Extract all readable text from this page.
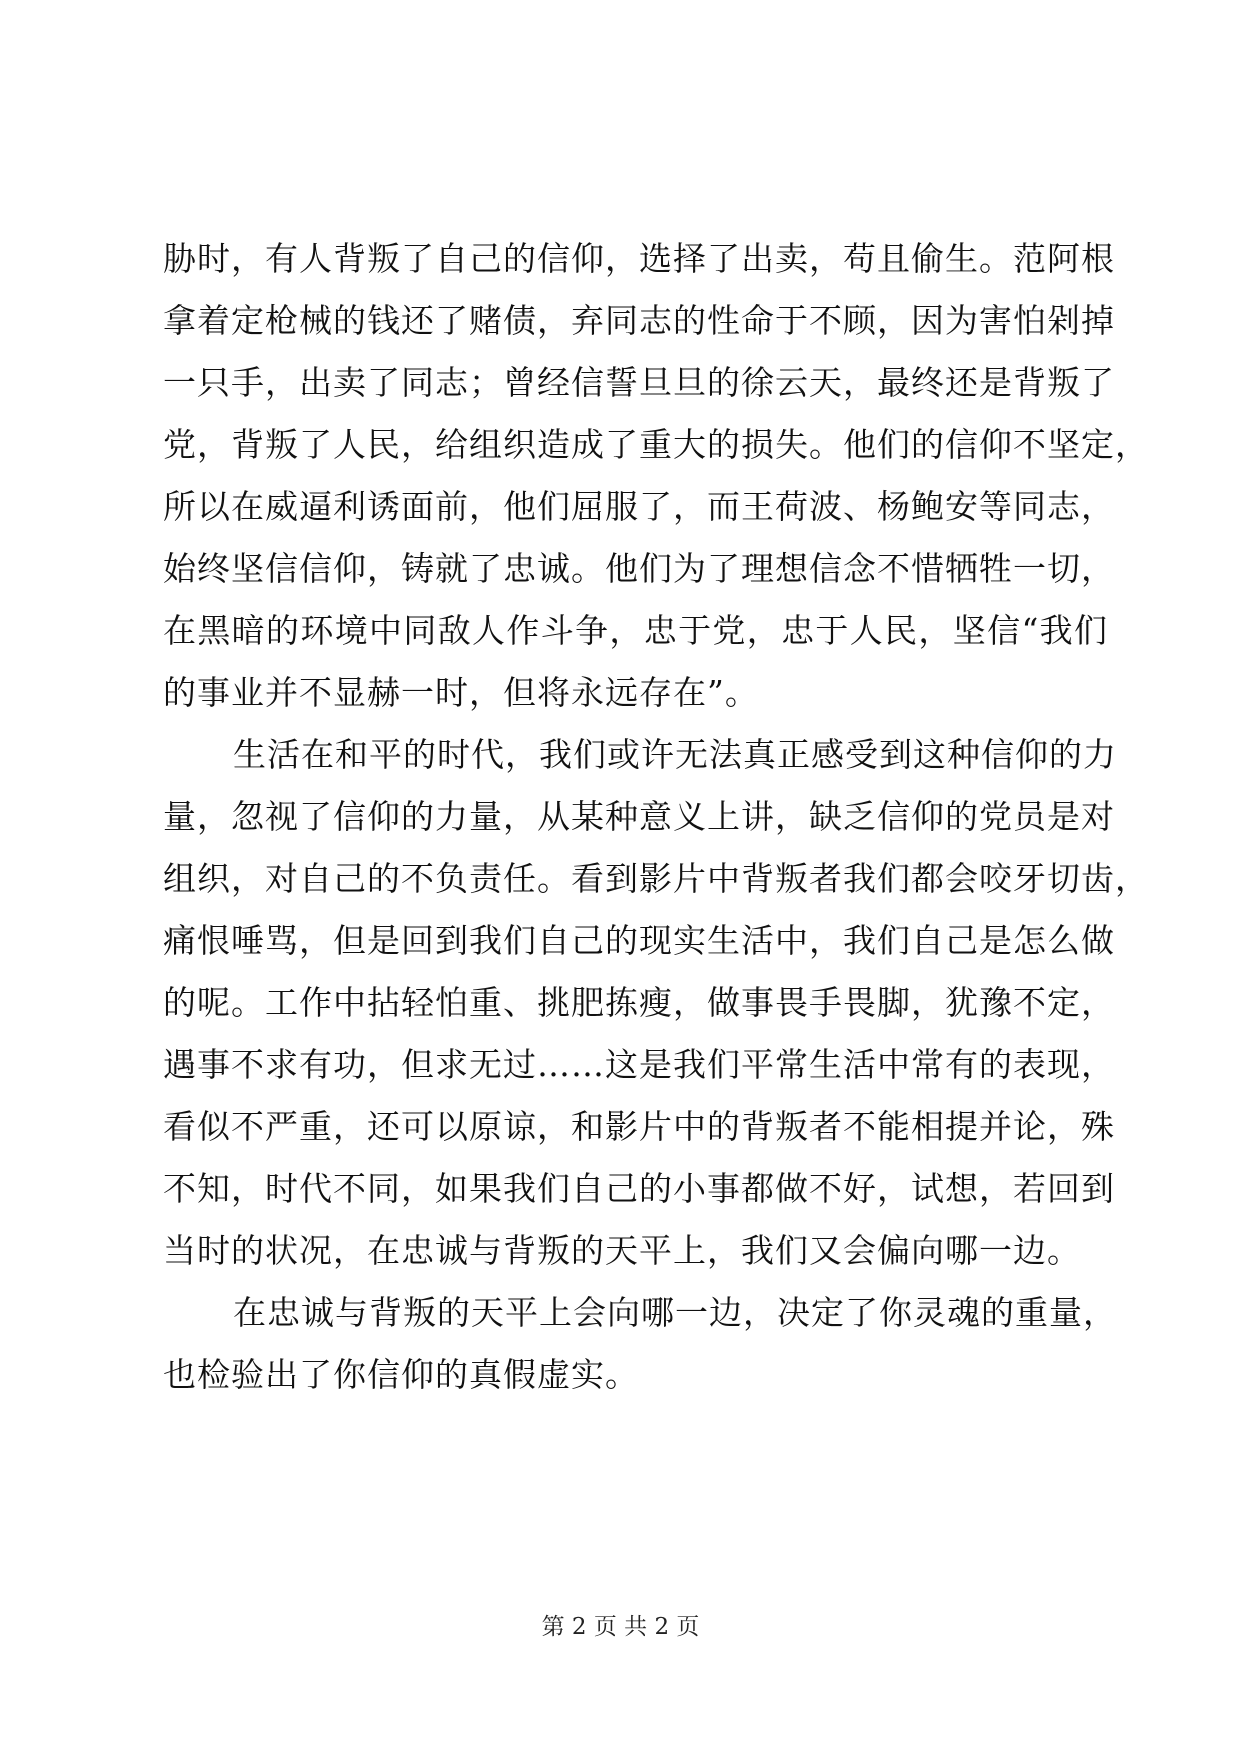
胁时，有人背叛了自己的信仰，选择了出卖，苟且偷生。范阿根
拿着定枪械的钱还了赌债，弃同志的性命于不顾，因为害怕剁掉
一只手，出卖了同志；曾经信誓旦旦的徐云天，最终还是背叛了
党，背叛了人民，给组织造成了重大的损失。他们的信仰不坚定，
所以在威逼利诱面前，他们屈服了，而王荷波、杨鲍安等同志，
始终坚信信仰，铸就了忠诚。他们为了理想信念不惜牺牲一切，
在黑暗的环境中同敌人作斗争，忠于党，忠于人民，坚信“我们
的事业并不显赫一时，但将永远存在”。
生活在和平的时代，我们或许无法真正感受到这种信仰的力
量，忽视了信仰的力量，从某种意义上讲，缺乏信仰的党员是对
组织，对自己的不负责任。看到影片中背叛者我们都会咬牙切齿，
痛恨唾骂，但是回到我们自己的现实生活中，我们自己是怎么做
的呢。工作中拈轻怕重、挑肥拣瘦，做事畏手畏脚，犹豫不定，
遇事不求有功，但求无过……这是我们平常生活中常有的表现，
看似不严重，还可以原谅，和影片中的背叛者不能相提并论，殊
不知，时代不同，如果我们自己的小事都做不好，试想，若回到
当时的状况，在忠诚与背叛的天平上，我们又会偏向哪一边。
在忠诚与背叛的天平上会向哪一边，决定了你灵魂的重量，
也检验出了你信仰的真假虚实。
第 2 页 共 2 页
